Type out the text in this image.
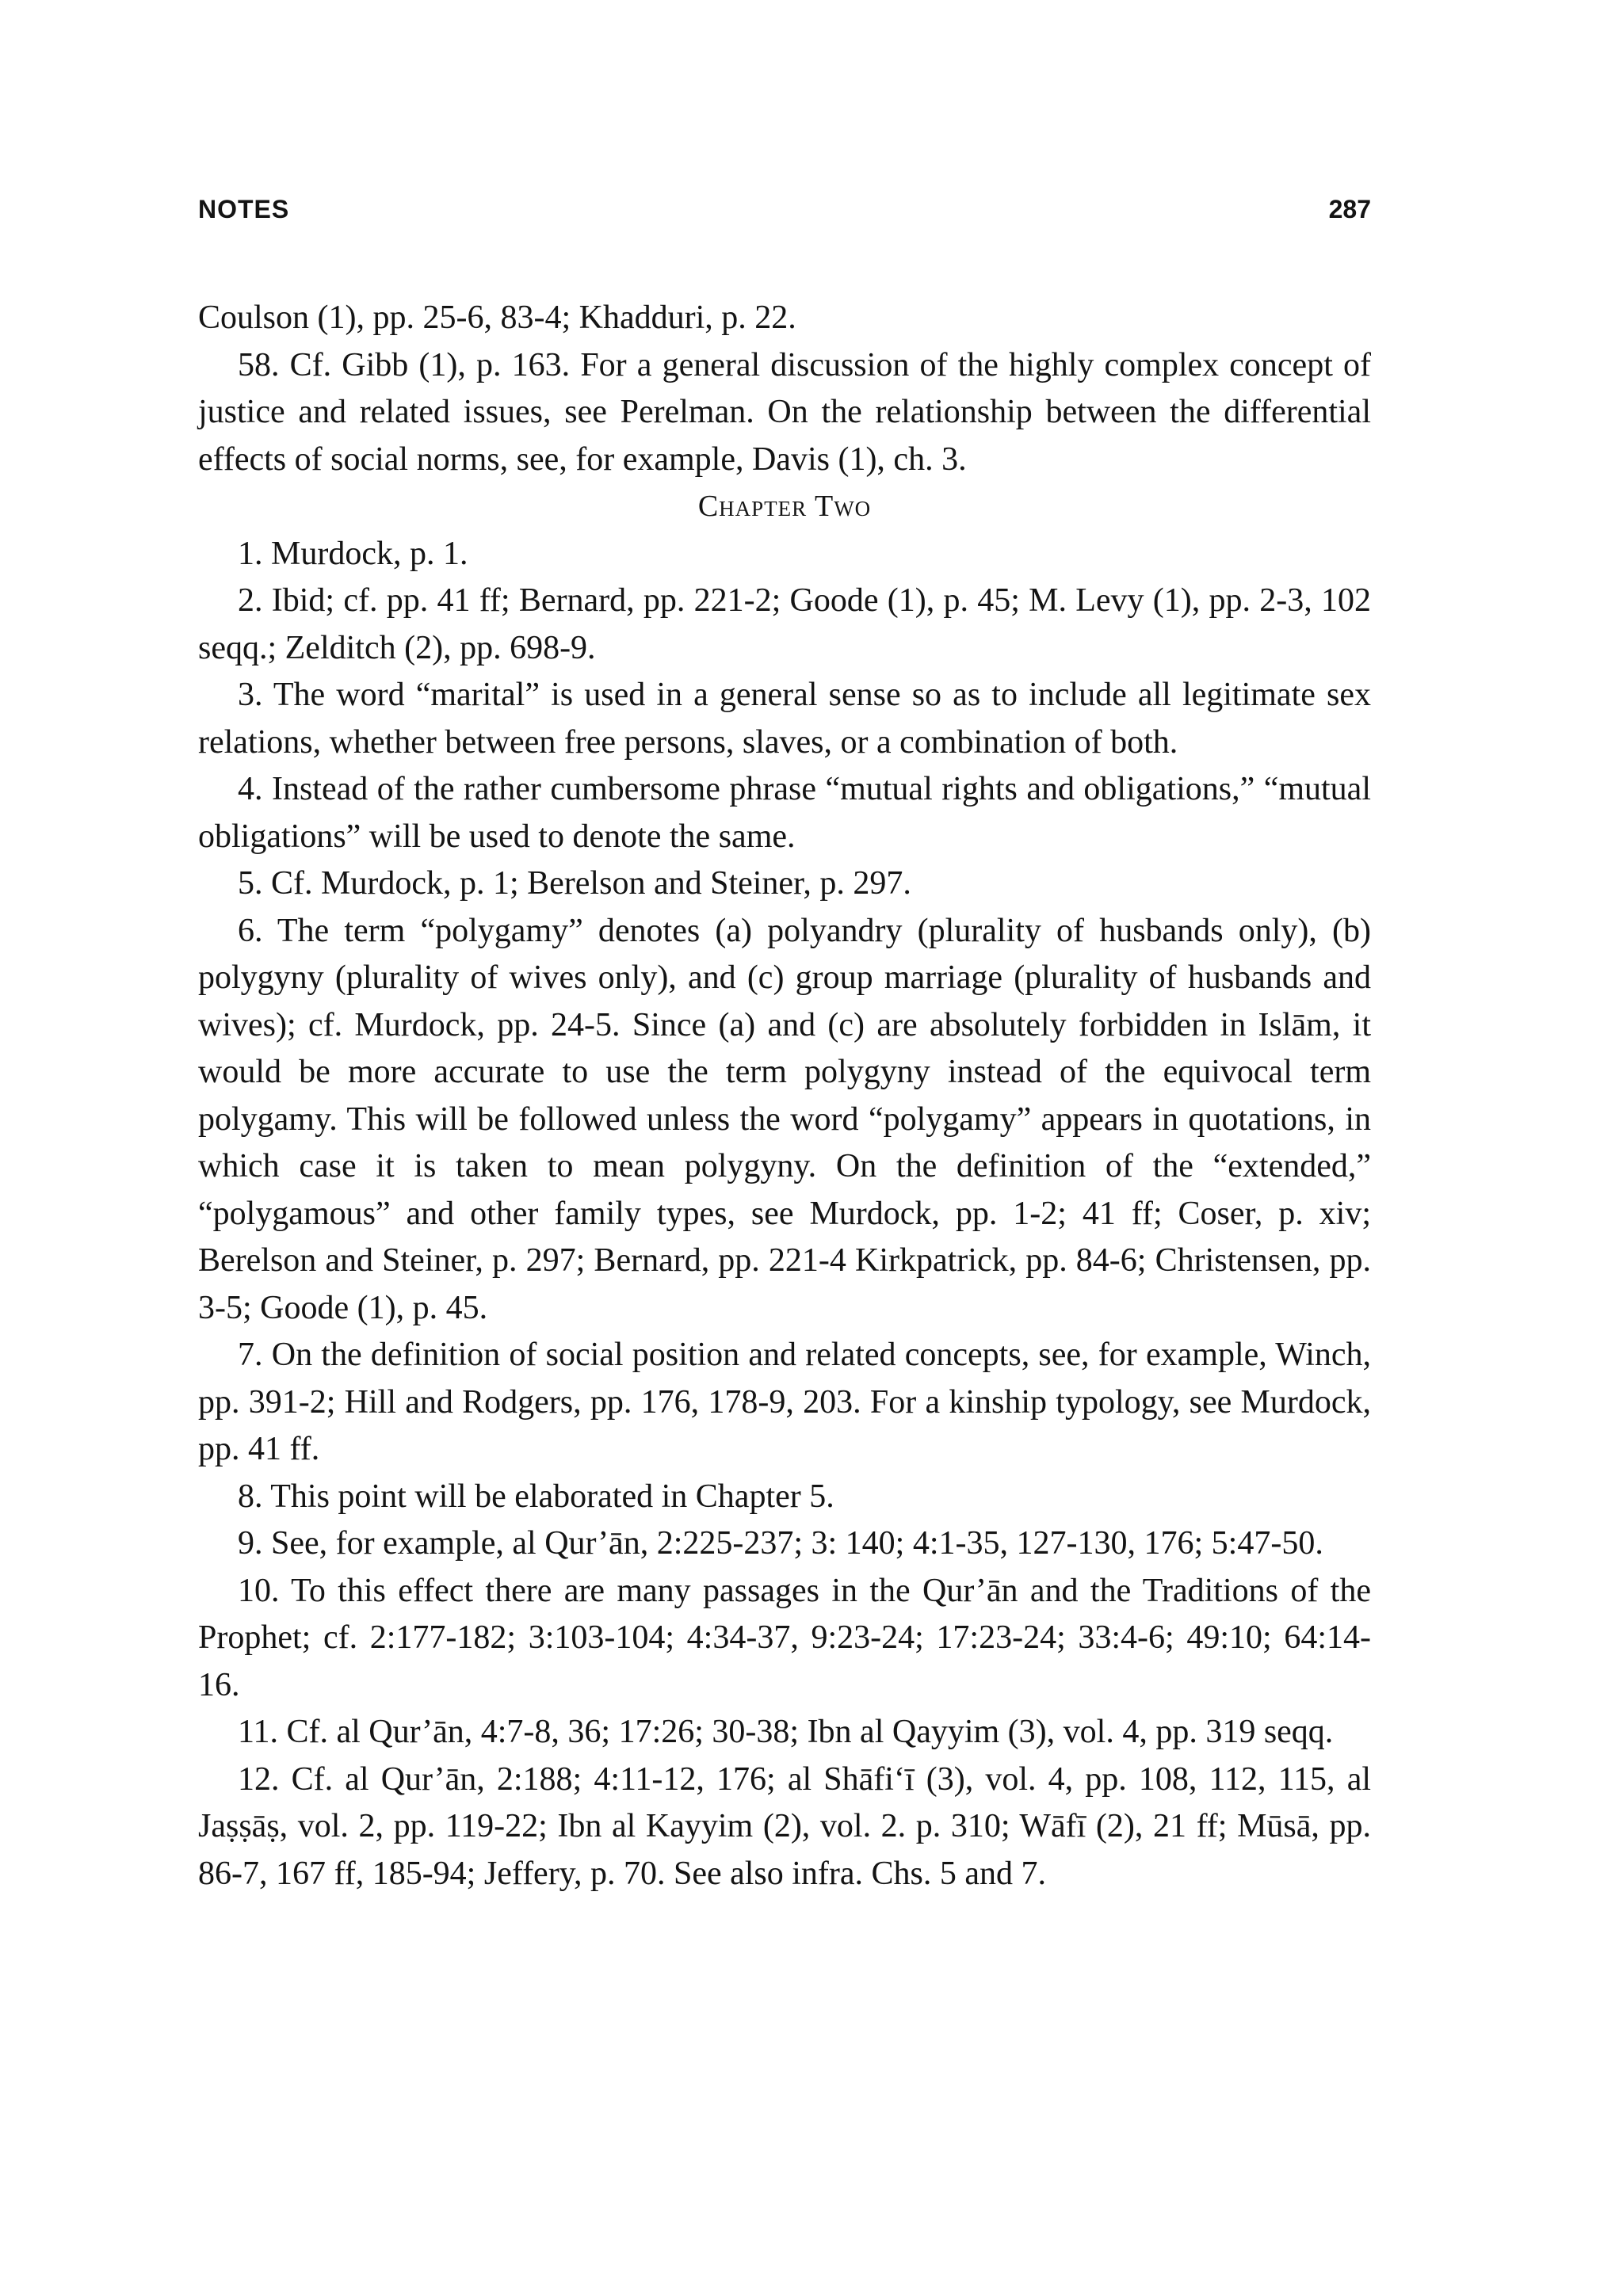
NOTES	287

Coulson (1), pp. 25-6, 83-4; Khadduri, p. 22.

58. Cf. Gibb (1), p. 163. For a general discussion of the highly complex concept of justice and related issues, see Perelman. On the relationship between the differential effects of social norms, see, for example, Davis (1), ch. 3.

Chapter Two

1. Murdock, p. 1.

2. Ibid; cf. pp. 41 ff; Bernard, pp. 221-2; Goode (1), p. 45; M. Levy (1), pp. 2-3, 102 seqq.; Zelditch (2), pp. 698-9.

3. The word “marital” is used in a general sense so as to include all legitimate sex relations, whether between free persons, slaves, or a combination of both.

4. Instead of the rather cumbersome phrase “mutual rights and obligations,” “mutual obligations” will be used to denote the same.

5. Cf. Murdock, p. 1; Berelson and Steiner, p. 297.

6. The term “polygamy” denotes (a) polyandry (plurality of husbands only), (b) polygyny (plurality of wives only), and (c) group marriage (plurality of husbands and wives); cf. Murdock, pp. 24-5. Since (a) and (c) are absolutely forbidden in Islām, it would be more accurate to use the term polygyny instead of the equivocal term polygamy. This will be followed unless the word “polygamy” appears in quotations, in which case it is taken to mean polygyny. On the definition of the “extended,” “polygamous” and other family types, see Murdock, pp. 1-2; 41 ff; Coser, p. xiv; Berelson and Steiner, p. 297; Bernard, pp. 221-4 Kirkpatrick, pp. 84-6; Christensen, pp. 3-5; Goode (1), p. 45.

7. On the definition of social position and related concepts, see, for example, Winch, pp. 391-2; Hill and Rodgers, pp. 176, 178-9, 203. For a kinship typology, see Murdock, pp. 41 ff.

8. This point will be elaborated in Chapter 5.

9. See, for example, al Qur’ān, 2:225-237; 3: 140; 4:1-35, 127-130, 176; 5:47-50.

10. To this effect there are many passages in the Qur’ān and the Traditions of the Prophet; cf. 2:177-182; 3:103-104; 4:34-37, 9:23-24; 17:23-24; 33:4-6; 49:10; 64:14-16.

11. Cf. al Qur’ān, 4:7-8, 36; 17:26; 30-38; Ibn al Qayyim (3), vol. 4, pp. 319 seqq.

12. Cf. al Qur’ān, 2:188; 4:11-12, 176; al Shāfi‘ī (3), vol. 4, pp. 108, 112, 115, al Jaṣṣāṣ, vol. 2, pp. 119-22; Ibn al Kayyim (2), vol. 2. p. 310; Wāfī (2), 21 ff; Mūsā, pp. 86-7, 167 ff, 185-94; Jeffery, p. 70. See also infra. Chs. 5 and 7.
